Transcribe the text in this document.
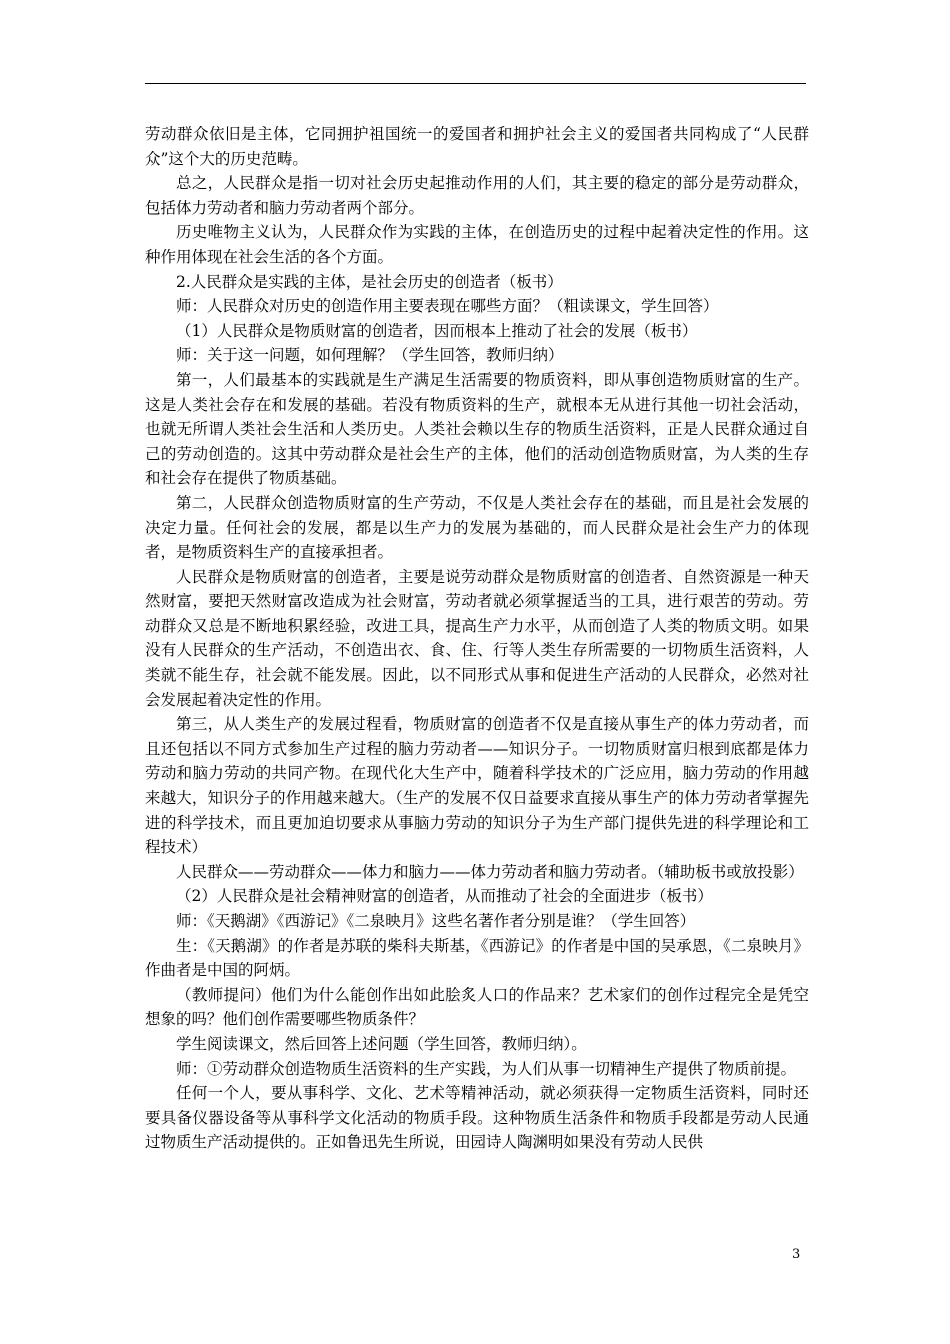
劳动群众依旧是主体，它同拥护祖国统一的爱国者和拥护社会主义的爱国者共同构成了“人民群众”这个大的历史范畴。

总之，人民群众是指一切对社会历史起推动作用的人们，其主要的稳定的部分是劳动群众，包括体力劳动者和脑力劳动者两个部分。

历史唯物主义认为，人民群众作为实践的主体，在创造历史的过程中起着决定性的作用。这种作用体现在社会生活的各个方面。

2.人民群众是实践的主体，是社会历史的创造者（板书）

师：人民群众对历史的创造作用主要表现在哪些方面？（粗读课文，学生回答）

（1）人民群众是物质财富的创造者，因而根本上推动了社会的发展（板书）

师：关于这一问题，如何理解？（学生回答，教师归纳）

第一，人们最基本的实践就是生产满足生活需要的物质资料，即从事创造物质财富的生产。这是人类社会存在和发展的基础。若没有物质资料的生产，就根本无从进行其他一切社会活动，也就无所谓人类社会生活和人类历史。人类社会赖以生存的物质生活资料，正是人民群众通过自己的劳动创造的。这其中劳动群众是社会生产的主体，他们的活动创造物质财富，为人类的生存和社会存在提供了物质基础。

第二，人民群众创造物质财富的生产劳动，不仅是人类社会存在的基础，而且是社会发展的决定力量。任何社会的发展，都是以生产力的发展为基础的，而人民群众是社会生产力的体现者，是物质资料生产的直接承担者。

人民群众是物质财富的创造者，主要是说劳动群众是物质财富的创造者、自然资源是一种天然财富，要把天然财富改造成为社会财富，劳动者就必须掌握适当的工具，进行艰苦的劳动。劳动群众又总是不断地积累经验，改进工具，提高生产力水平，从而创造了人类的物质文明。如果没有人民群众的生产活动，不创造出衣、食、住、行等人类生存所需要的一切物质生活资料，人类就不能生存，社会就不能发展。因此，以不同形式从事和促进生产活动的人民群众，必然对社会发展起着决定性的作用。

第三，从人类生产的发展过程看，物质财富的创造者不仅是直接从事生产的体力劳动者，而且还包括以不同方式参加生产过程的脑力劳动者——知识分子。一切物质财富归根到底都是体力劳动和脑力劳动的共同产物。在现代化大生产中，随着科学技术的广泛应用，脑力劳动的作用越来越大，知识分子的作用越来越大。（生产的发展不仅日益要求直接从事生产的体力劳动者掌握先进的科学技术，而且更加迫切要求从事脑力劳动的知识分子为生产部门提供先进的科学理论和工程技术）

人民群众——劳动群众——体力和脑力——体力劳动者和脑力劳动者。（辅助板书或放投影）

（2）人民群众是社会精神财富的创造者，从而推动了社会的全面进步（板书）

师：《天鹅湖》《西游记》《二泉映月》这些名著作者分别是谁？（学生回答）

生：《天鹅湖》的作者是苏联的柴科夫斯基，《西游记》的作者是中国的吴承恩，《二泉映月》作曲者是中国的阿炳。

（教师提问）他们为什么能创作出如此脍炙人口的作品来？艺术家们的创作过程完全是凭空想象的吗？他们创作需要哪些物质条件？

学生阅读课文，然后回答上述问题（学生回答，教师归纳）。

师：①劳动群众创造物质生活资料的生产实践，为人们从事一切精神生产提供了物质前提。

任何一个人，要从事科学、文化、艺术等精神活动，就必须获得一定物质生活资料，同时还要具备仪器设备等从事科学文化活动的物质手段。这种物质生活条件和物质手段都是劳动人民通过物质生产活动提供的。正如鲁迅先生所说，田园诗人陶渊明如果没有劳动人民供

3
